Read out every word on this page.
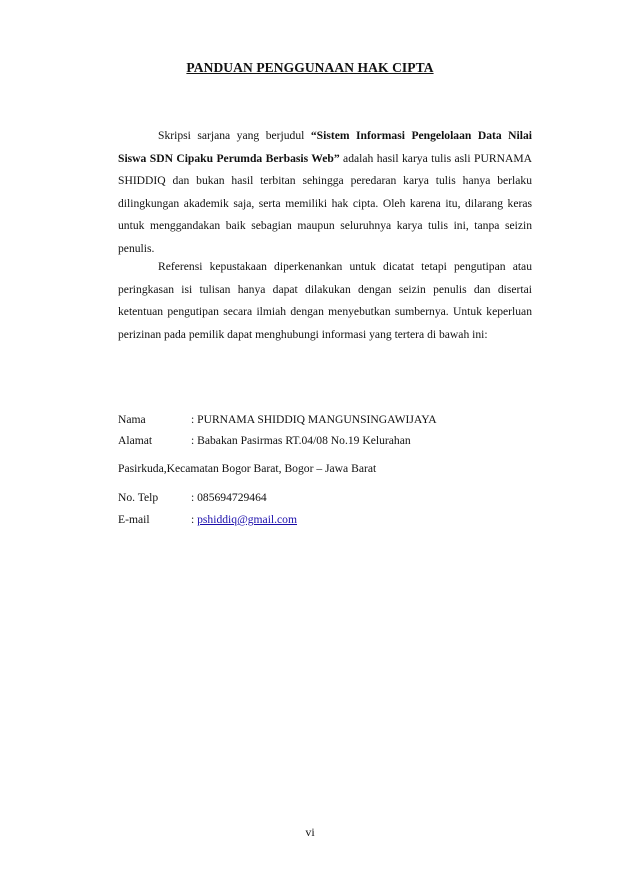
PANDUAN PENGGUNAAN HAK CIPTA

Skripsi sarjana yang berjudul “Sistem Informasi Pengelolaan Data Nilai Siswa SDN Cipaku Perumda Berbasis Web” adalah hasil karya tulis asli PURNAMA SHIDDIQ dan bukan hasil terbitan sehingga peredaran karya tulis hanya berlaku dilingkungan akademik saja, serta memiliki hak cipta. Oleh karena itu, dilarang keras untuk menggandakan baik sebagian maupun seluruhnya karya tulis ini, tanpa seizin penulis.

Referensi kepustakaan diperkenankan untuk dicatat tetapi pengutipan atau peringkasan isi tulisan hanya dapat dilakukan dengan seizin penulis dan disertai ketentuan pengutipan secara ilmiah dengan menyebutkan sumbernya. Untuk keperluan perizinan pada pemilik dapat menghubungi informasi yang tertera di bawah ini:

Nama	: PURNAMA SHIDDIQ MANGUNSINGAWIJAYA
Alamat	: Babakan Pasirmas RT.04/08 No.19 Kelurahan
Pasirkuda,Kecamatan Bogor Barat, Bogor – Jawa Barat
No. Telp	: 085694729464
E-mail	: pshiddiq@gmail.com
vi
